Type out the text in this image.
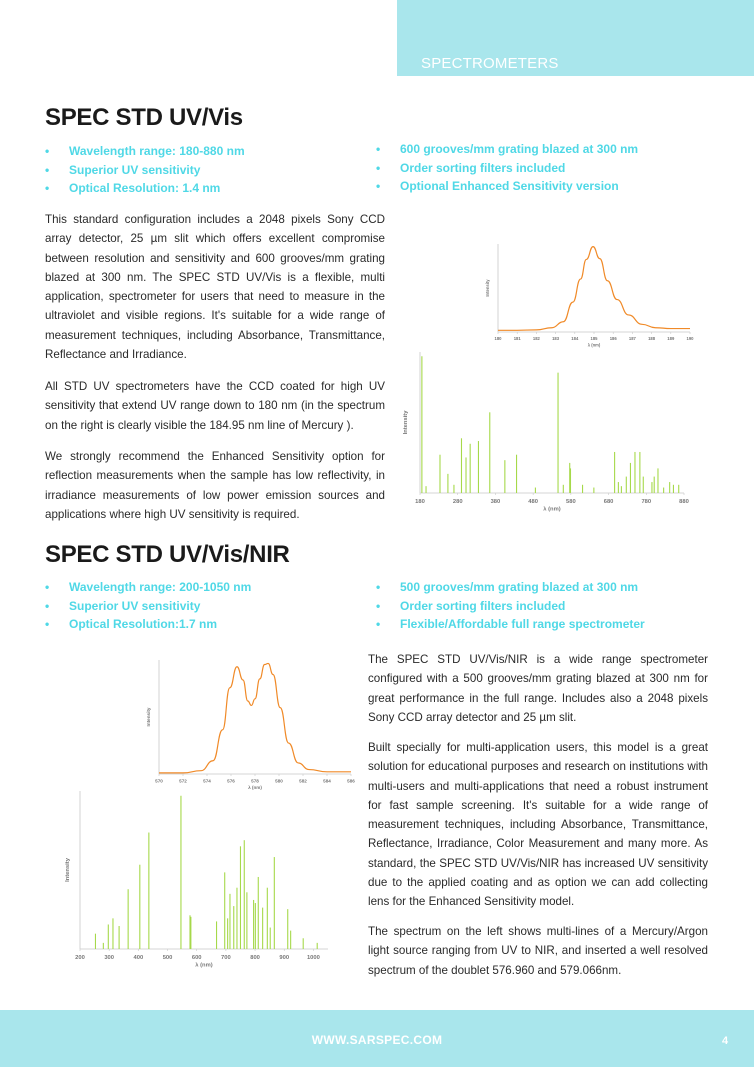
SPECTROMETERS
SPEC STD UV/Vis
• Wavelength range: 180-880 nm
• Superior UV sensitivity
• Optical Resolution: 1.4 nm
• 600 grooves/mm grating blazed at 300 nm
• Order sorting filters included
• Optional Enhanced Sensitivity version

This standard configuration includes a 2048 pixels Sony CCD array detector, 25 µm slit which offers excellent compromise between resolution and sensitivity and 600 grooves/mm grating blazed at 300 nm. The SPEC STD UV/Vis is a flexible, multi application, spectrometer for users that need to measure in the ultraviolet and visible regions. It's suitable for a wide range of measurement techniques, including Absorbance, Transmittance, Reflectance and Irradiance.

All STD UV spectrometers have the CCD coated for high UV sensitivity that extend UV range down to 180 nm (in the spectrum on the right is clearly visible the 184.95 nm line of Mercury ).

We strongly recommend the Enhanced Sensitivity option for reflection measurements when the sample has low reflectivity, in irradiance measurements of low power emission sources and applications where high UV sensitivity is required.

180	181	182	183	184	185	186	187	188	189	190
λ (nm)
Intensity
180	280	380	480	580	680	780	880
λ (nm)
Intensity
SPEC STD UV/Vis/NIR
• Wavelength range: 200-1050 nm
• Superior UV sensitivity
• Optical Resolution:1.7 nm
• 500 grooves/mm grating blazed at 300 nm
• Order sorting filters included
• Flexible/Affordable full range spectrometer

The SPEC STD UV/Vis/NIR is a wide range spectrometer configured with a 500 grooves/mm grating blazed at 300 nm for great performance in the full range. Includes also a 2048 pixels Sony CCD array detector and 25 µm slit.

Built specially for multi-application users, this model is a great solution for educational purposes and research on institutions with multi-users and multi-applications that need a robust instrument for fast sample screening. It's suitable for a wide range of measurement techniques, including Absorbance, Transmittance, Reflectance, Irradiance, Color Measurement and many more. As standard, the SPEC STD UV/Vis/NIR has increased UV sensitivity due to the applied coating and as option we can add collecting lens for the Enhanced Sensitivity model.

The spectrum on the left shows multi-lines of a Mercury/Argon light source ranging from UV to NIR, and inserted a well resolved spectrum of the doublet 576.960 and 579.066nm.

570	572	574	576	578	580	582	584	586
λ (nm)
Intensity
200	300	400	500	600	700	800	900	1000
λ (nm)
Intensity
WWW.SARSPEC.COM	4
